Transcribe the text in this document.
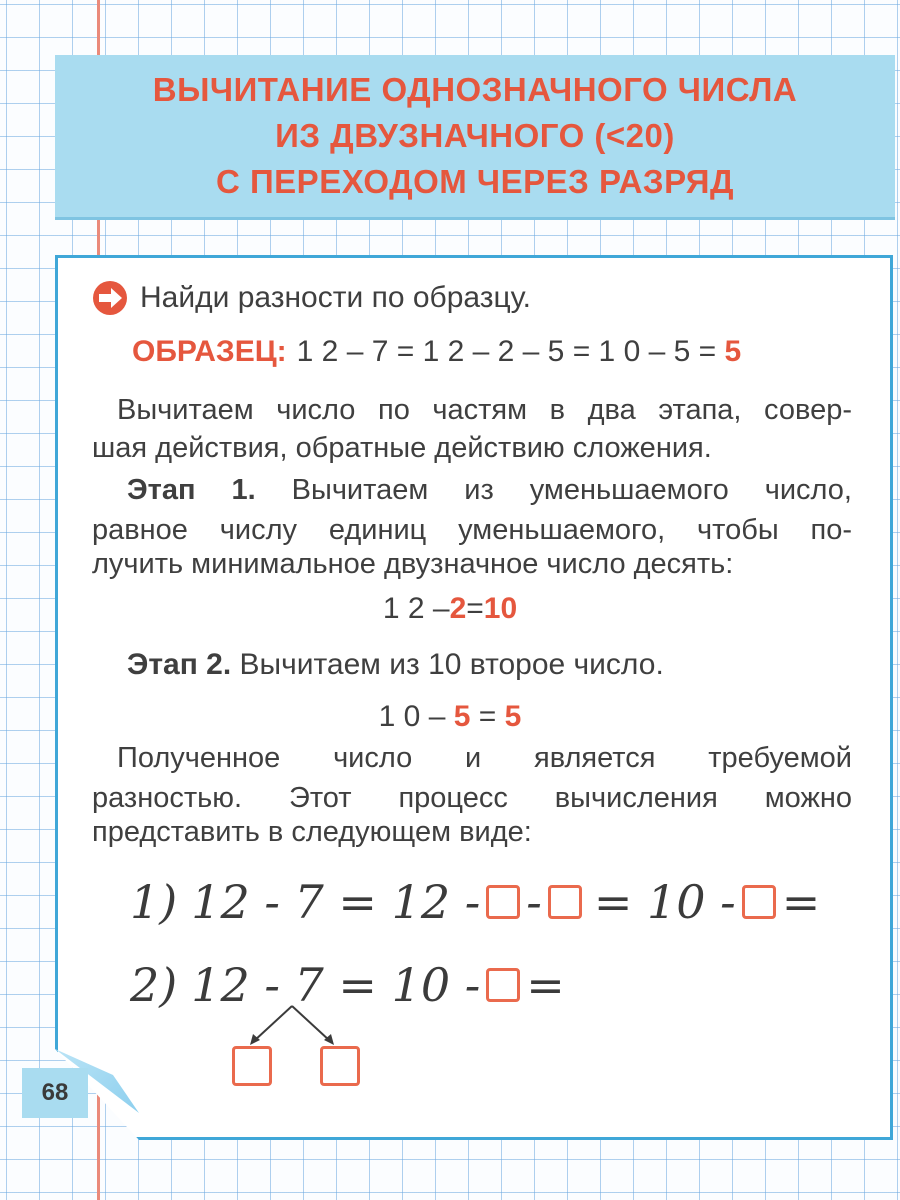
ВЫЧИТАНИЕ ОДНОЗНАЧНОГО ЧИСЛА
ИЗ ДВУЗНАЧНОГО (<20)
С ПЕРЕХОДОМ ЧЕРЕЗ РАЗРЯД
Найди разности по образцу.
ОБРАЗЕЦ: 1 2 – 7 = 1 2 – 2 – 5 = 1 0 – 5 = 5
Вычитаем число по частям в два этапа, совер-
шая действия, обратные действию сложения.
Этап 1. Вычитаем из уменьшаемого число,
равное числу единиц уменьшаемого, чтобы по-
лучить минимальное двузначное число десять:
1 2 –2=10
Этап 2. Вычитаем из 10 второе число.
1 0 – 5 = 5
Полученное число и является требуемой
разностью. Этот процесс вычисления можно
представить в следующем виде:
1) 12 - 7 = 12 - - = 10 - =
2) 12 - 7 = 10 - =
68
